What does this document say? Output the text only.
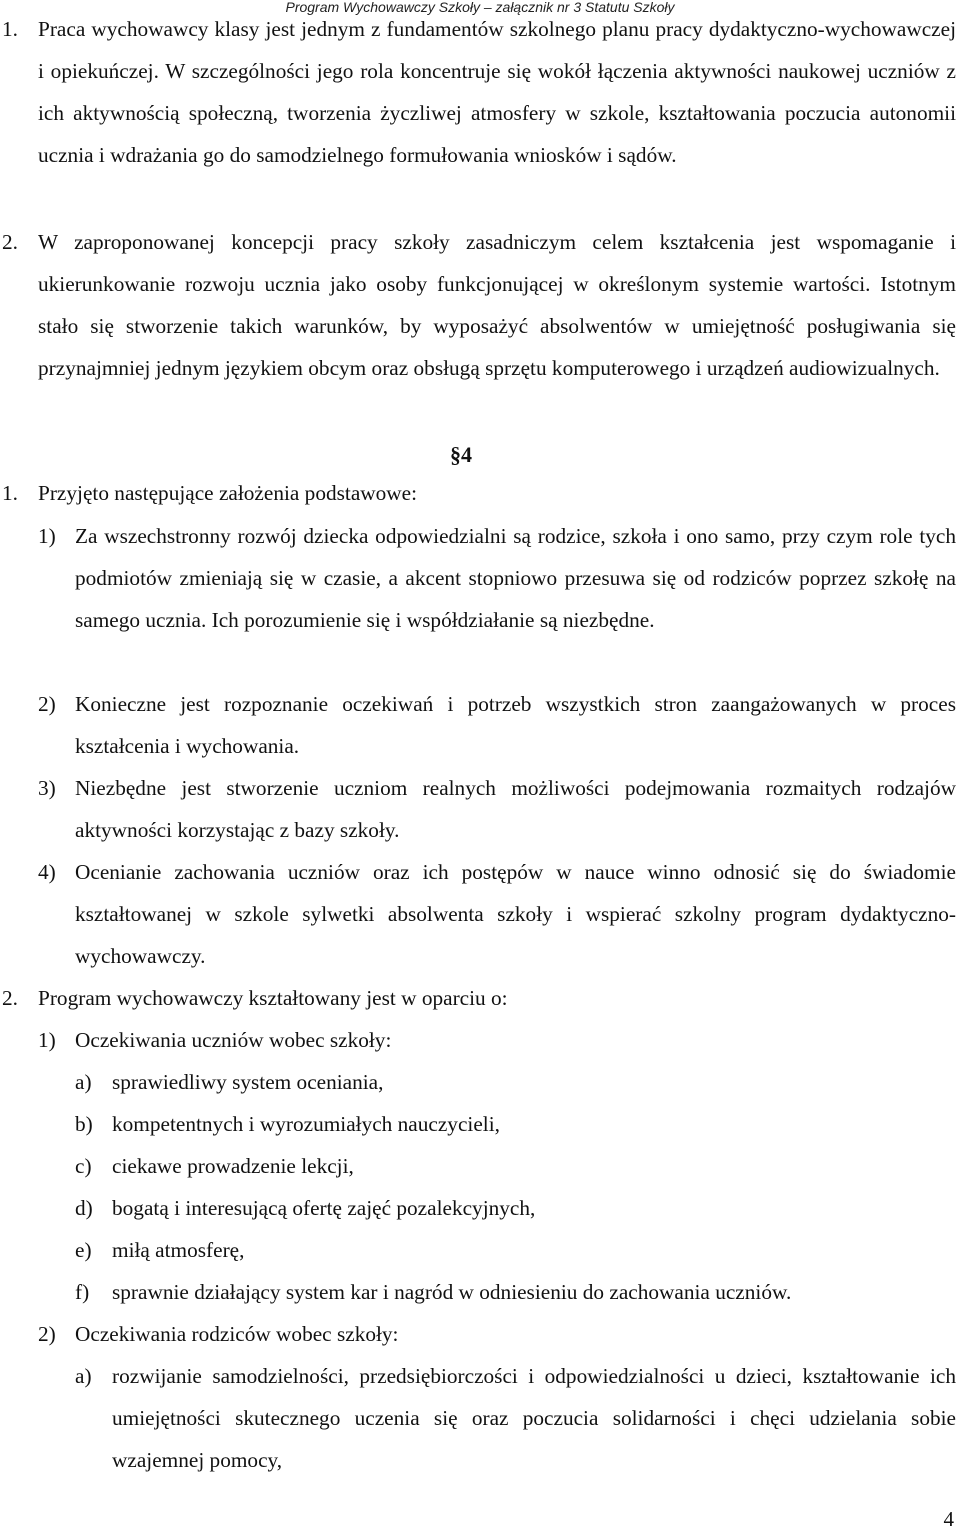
Program Wychowawczy Szkoły – załącznik nr 3 Statutu Szkoły
1. Praca wychowawcy klasy jest jednym z fundamentów szkolnego planu pracy dydaktyczno-wychowawczej i opiekuńczej. W szczególności jego rola koncentruje się wokół łączenia aktywności naukowej uczniów z ich aktywnością społeczną, tworzenia życzliwej atmosfery w szkole, kształtowania poczucia autonomii ucznia i wdrażania go do samodzielnego formułowania wniosków i sądów.
2. W zaproponowanej koncepcji pracy szkoły zasadniczym celem kształcenia jest wspomaganie i ukierunkowanie rozwoju ucznia jako osoby funkcjonującej w określonym systemie wartości. Istotnym stało się stworzenie takich warunków, by wyposażyć absolwentów w umiejętność posługiwania się przynajmniej jednym językiem obcym oraz obsługą sprzętu komputerowego i urządzeń audiowizualnych.
§4
1. Przyjęto następujące założenia podstawowe:
1) Za wszechstronny rozwój dziecka odpowiedzialni są rodzice, szkoła i ono samo, przy czym role tych podmiotów zmieniają się w czasie, a akcent stopniowo przesuwa się od rodziców poprzez szkołę na samego ucznia. Ich porozumienie się i współdziałanie są niezbędne.
2) Konieczne jest rozpoznanie oczekiwań i potrzeb wszystkich stron zaangażowanych w proces kształcenia i wychowania.
3) Niezbędne jest stworzenie uczniom realnych możliwości podejmowania rozmaitych rodzajów aktywności korzystając z bazy szkoły.
4) Ocenianie zachowania uczniów oraz ich postępów w nauce winno odnosić się do świadomie kształtowanej w szkole sylwetki absolwenta szkoły i wspierać szkolny program dydaktyczno-wychowawczy.
2. Program wychowawczy kształtowany jest w oparciu o:
1) Oczekiwania uczniów wobec szkoły:
a) sprawiedliwy system oceniania,
b) kompetentnych i wyrozumiałych nauczycieli,
c) ciekawe prowadzenie lekcji,
d) bogatą i interesującą ofertę zajęć pozalekcyjnych,
e) miłą atmosferę,
f) sprawnie działający system kar i nagród w odniesieniu do zachowania uczniów.
2) Oczekiwania rodziców wobec szkoły:
a) rozwijanie samodzielności, przedsiębiorczości i odpowiedzialności u dzieci, kształtowanie ich umiejętności skutecznego uczenia się oraz poczucia solidarności i chęci udzielania sobie wzajemnej pomocy,
4
